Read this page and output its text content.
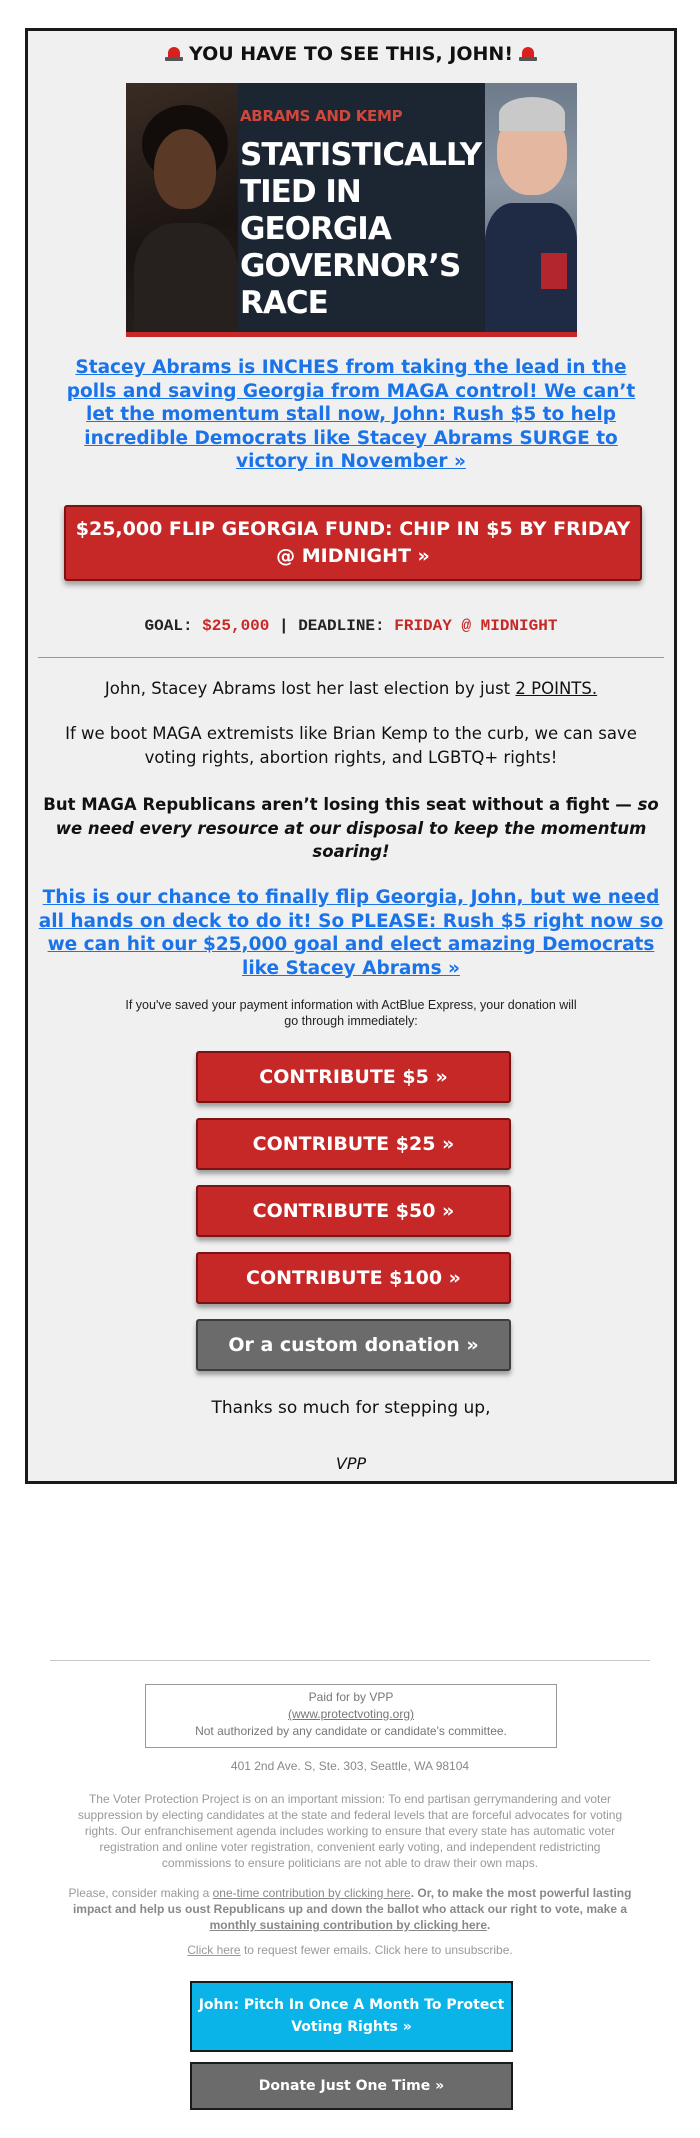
YOU HAVE TO SEE THIS, JOHN!
ABRAMS AND KEMP
STATISTICALLY TIED IN GEORGIA GOVERNOR’S RACE
Stacey Abrams is INCHES from taking the lead in the polls and saving Georgia from MAGA control! We can’t let the momentum stall now, John: Rush $5 to help incredible Democrats like Stacey Abrams SURGE to victory in November »
$25,000 FLIP GEORGIA FUND: CHIP IN $5 BY FRIDAY @ MIDNIGHT »
GOAL: $25,000 | DEADLINE: FRIDAY @ MIDNIGHT
John, Stacey Abrams lost her last election by just 2 POINTS.
If we boot MAGA extremists like Brian Kemp to the curb, we can save voting rights, abortion rights, and LGBTQ+ rights!
But MAGA Republicans aren’t losing this seat without a fight — so we need every resource at our disposal to keep the momentum soaring!
This is our chance to finally flip Georgia, John, but we need all hands on deck to do it! So PLEASE: Rush $5 right now so we can hit our $25,000 goal and elect amazing Democrats like Stacey Abrams »
If you've saved your payment information with ActBlue Express, your donation will go through immediately:
CONTRIBUTE $5 »
CONTRIBUTE $25 »
CONTRIBUTE $50 »
CONTRIBUTE $100 »
Or a custom donation »
Thanks so much for stepping up,
VPP
Paid for by VPP
(www.protectvoting.org)
Not authorized by any candidate or candidate's committee.
401 2nd Ave. S, Ste. 303, Seattle, WA 98104
The Voter Protection Project is on an important mission: To end partisan gerrymandering and voter suppression by electing candidates at the state and federal levels that are forceful advocates for voting rights. Our enfranchisement agenda includes working to ensure that every state has automatic voter registration and online voter registration, convenient early voting, and independent redistricting commissions to ensure politicians are not able to draw their own maps.
Please, consider making a one-time contribution by clicking here. Or, to make the most powerful lasting impact and help us oust Republicans up and down the ballot who attack our right to vote, make a monthly sustaining contribution by clicking here.
Click here to request fewer emails. Click here to unsubscribe.
John: Pitch In Once A Month To Protect Voting Rights »
Donate Just One Time »
